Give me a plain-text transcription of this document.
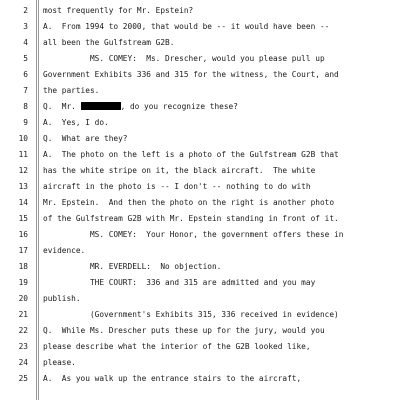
2 most frequently for Mr. Epstein?
3 A.  From 1994 to 2000, that would be -- it would have been --
4 all been the Gulfstream G2B.
5 MS. COMEY:  Ms. Drescher, would you please pull up
6 Government Exhibits 336 and 315 for the witness, the Court, and
7 the parties.
8 Q.  Mr.	, do you recognize these?
9 A.  Yes, I do.
10 Q.  What are they?
11 A.  The photo on the left is a photo of the Gulfstream G2B that
12 has the white stripe on it, the black aircraft.  The white
13 aircraft in the photo is -- I don't -- nothing to do with
14 Mr. Epstein.  And then the photo on the right is another photo
15 of the Gulfstream G2B with Mr. Epstein standing in front of it.
16 MS. COMEY:  Your Honor, the government offers these in
17 evidence.
18 MR. EVERDELL:  No objection.
19 THE COURT:  336 and 315 are admitted and you may
20 publish.
21 (Government's Exhibits 315, 336 received in evidence)
22 Q.  While Ms. Drescher puts these up for the jury, would you
23 please describe what the interior of the G2B looked like,
24 please.
25 A.  As you walk up the entrance stairs to the aircraft,
